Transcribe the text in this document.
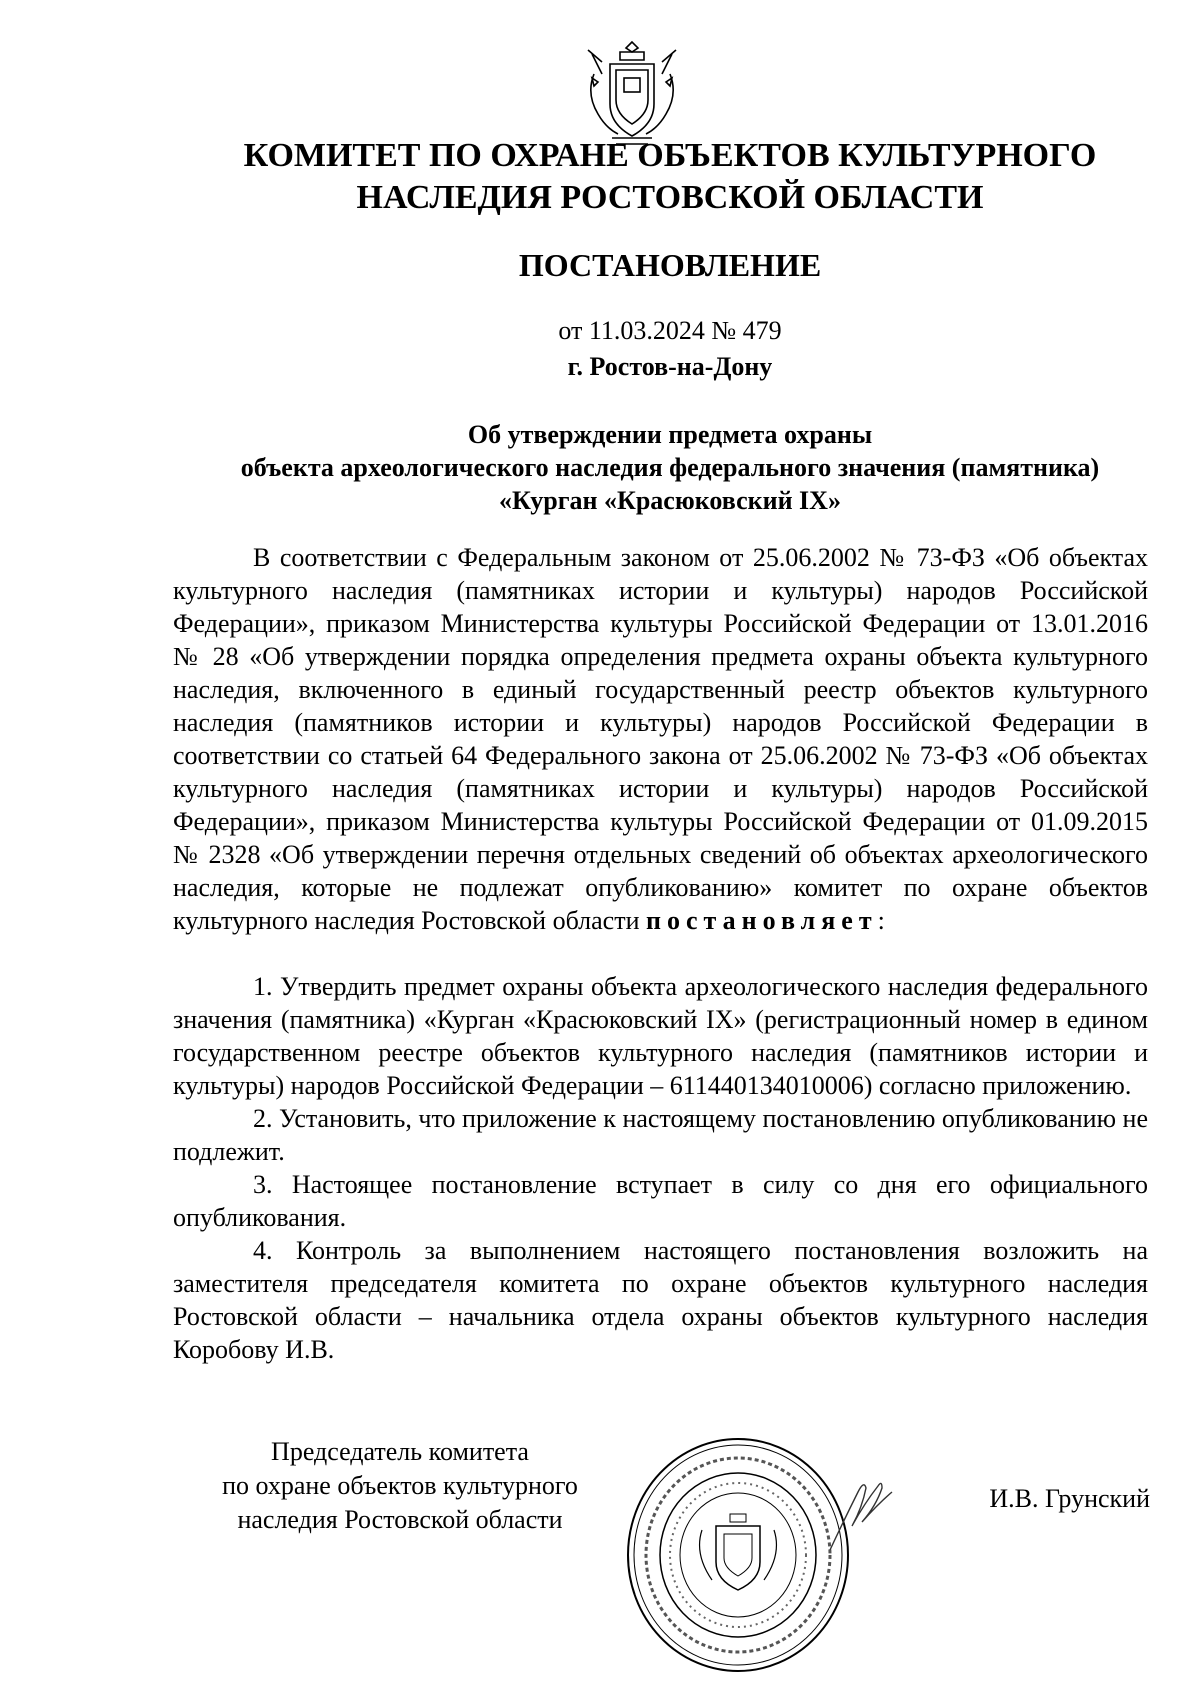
КОМИТЕТ ПО ОХРАНЕ ОБЪЕКТОВ КУЛЬТУРНОГО
НАСЛЕДИЯ РОСТОВСКОЙ ОБЛАСТИ
ПОСТАНОВЛЕНИЕ
от 11.03.2024 № 479
г. Ростов-на-Дону
Об утверждении предмета охраны
объекта археологического наследия федерального значения (памятника)
«Курган «Красюковский IX»

В соответствии с Федеральным законом от 25.06.2002 № 73-ФЗ «Об объектах культурного наследия (памятниках истории и культуры) народов Российской Федерации», приказом Министерства культуры Российской Федерации от 13.01.2016 № 28 «Об утверждении порядка определения предмета охраны объекта культурного наследия, включенного в единый государственный реестр объектов культурного наследия (памятников истории и культуры) народов Российской Федерации в соответствии со статьей 64 Федерального закона от 25.06.2002 № 73-ФЗ «Об объектах культурного наследия (памятниках истории и культуры) народов Российской Федерации», приказом Министерства культуры Российской Федерации от 01.09.2015 № 2328 «Об утверждении перечня отдельных сведений об объектах археологического наследия, которые не подлежат опубликованию» комитет по охране объектов культурного наследия Ростовской области постановляет:

1. Утвердить предмет охраны объекта археологического наследия федерального значения (памятника) «Курган «Красюковский IX» (регистрационный номер в едином государственном реестре объектов культурного наследия (памятников истории и культуры) народов Российской Федерации – 611440134010006) согласно приложению.

2. Установить, что приложение к настоящему постановлению опубликованию не подлежит.

3. Настоящее постановление вступает в силу со дня его официального опубликования.

4. Контроль за выполнением настоящего постановления возложить на заместителя председателя комитета по охране объектов культурного наследия Ростовской области – начальника отдела охраны объектов культурного наследия Коробову И.В.

Председатель комитета
по охране объектов культурного
наследия Ростовской области
И.В. Грунский
